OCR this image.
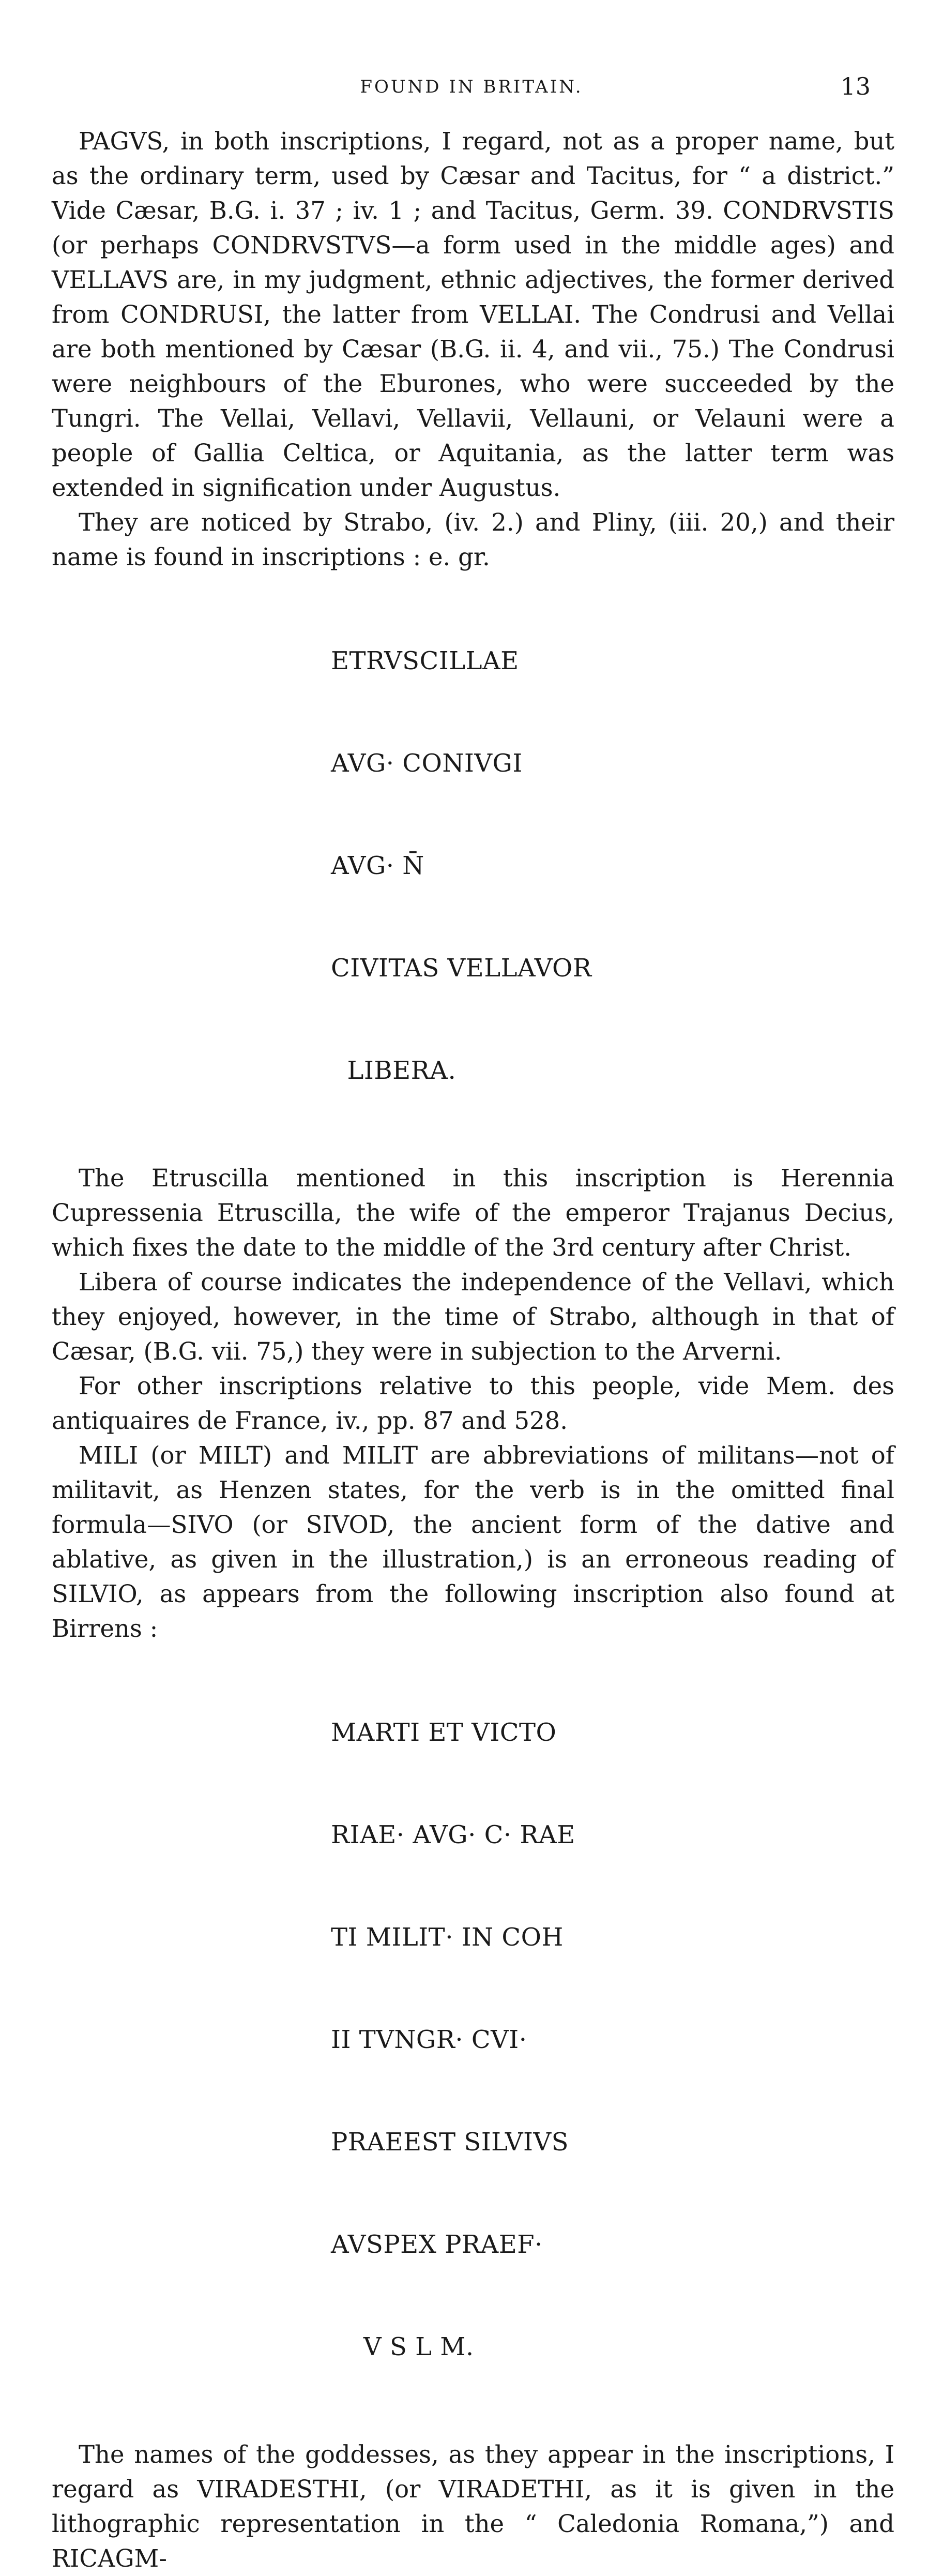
FOUND IN BRITAIN.	13

PAGVS, in both inscriptions, I regard, not as a proper name, but as the ordinary term, used by Cæsar and Tacitus, for “ a district.” Vide Cæsar, B.G. i. 37 ; iv. 1 ; and Tacitus, Germ. 39. CONDRVSTIS (or perhaps CONDRVSTVS—a form used in the middle ages) and VELLAVS are, in my judgment, ethnic adjectives, the former derived from CONDRUSI, the latter from VELLAI. The Condrusi and Vellai are both mentioned by Cæsar (B.G. ii. 4, and vii., 75.) The Condrusi were neighbours of the Eburones, who were succeeded by the Tungri. The Vellai, Vellavi, Vellavii, Vellauni, or Velauni were a people of Gallia Celtica, or Aquitania, as the latter term was extended in signification under Augustus.

They are noticed by Strabo, (iv. 2.) and Pliny, (iii. 20,) and their name is found in inscriptions : e. gr.

ETRVSCILLAE

AVG· CONIVGI

AVG· N̄

CIVITAS VELLAVOR

LIBERA.

The Etruscilla mentioned in this inscription is Herennia Cupressenia Etruscilla, the wife of the emperor Trajanus Decius, which fixes the date to the middle of the 3rd century after Christ.

Libera of course indicates the independence of the Vellavi, which they enjoyed, however, in the time of Strabo, although in that of Cæsar, (B.G. vii. 75,) they were in subjection to the Arverni.

For other inscriptions relative to this people, vide Mem. des antiquaires de France, iv., pp. 87 and 528.

MILI (or MILT) and MILIT are abbreviations of militans—not of militavit, as Henzen states, for the verb is in the omitted final formula—SIVO (or SIVOD, the ancient form of the dative and ablative, as given in the illustration,) is an erroneous reading of SILVIO, as appears from the following inscription also found at Birrens :

MARTI ET VICTO

RIAE· AVG· C· RAE

TI MILIT· IN COH

II TVNGR· CVI·

PRAEEST SILVIVS

AVSPEX PRAEF·

V S L M.

The names of the goddesses, as they appear in the inscriptions, I regard as VIRADESTHI, (or VIRADETHI, as it is given in the lithographic representation in the “ Caledonia Romana,”) and RICAGM-
